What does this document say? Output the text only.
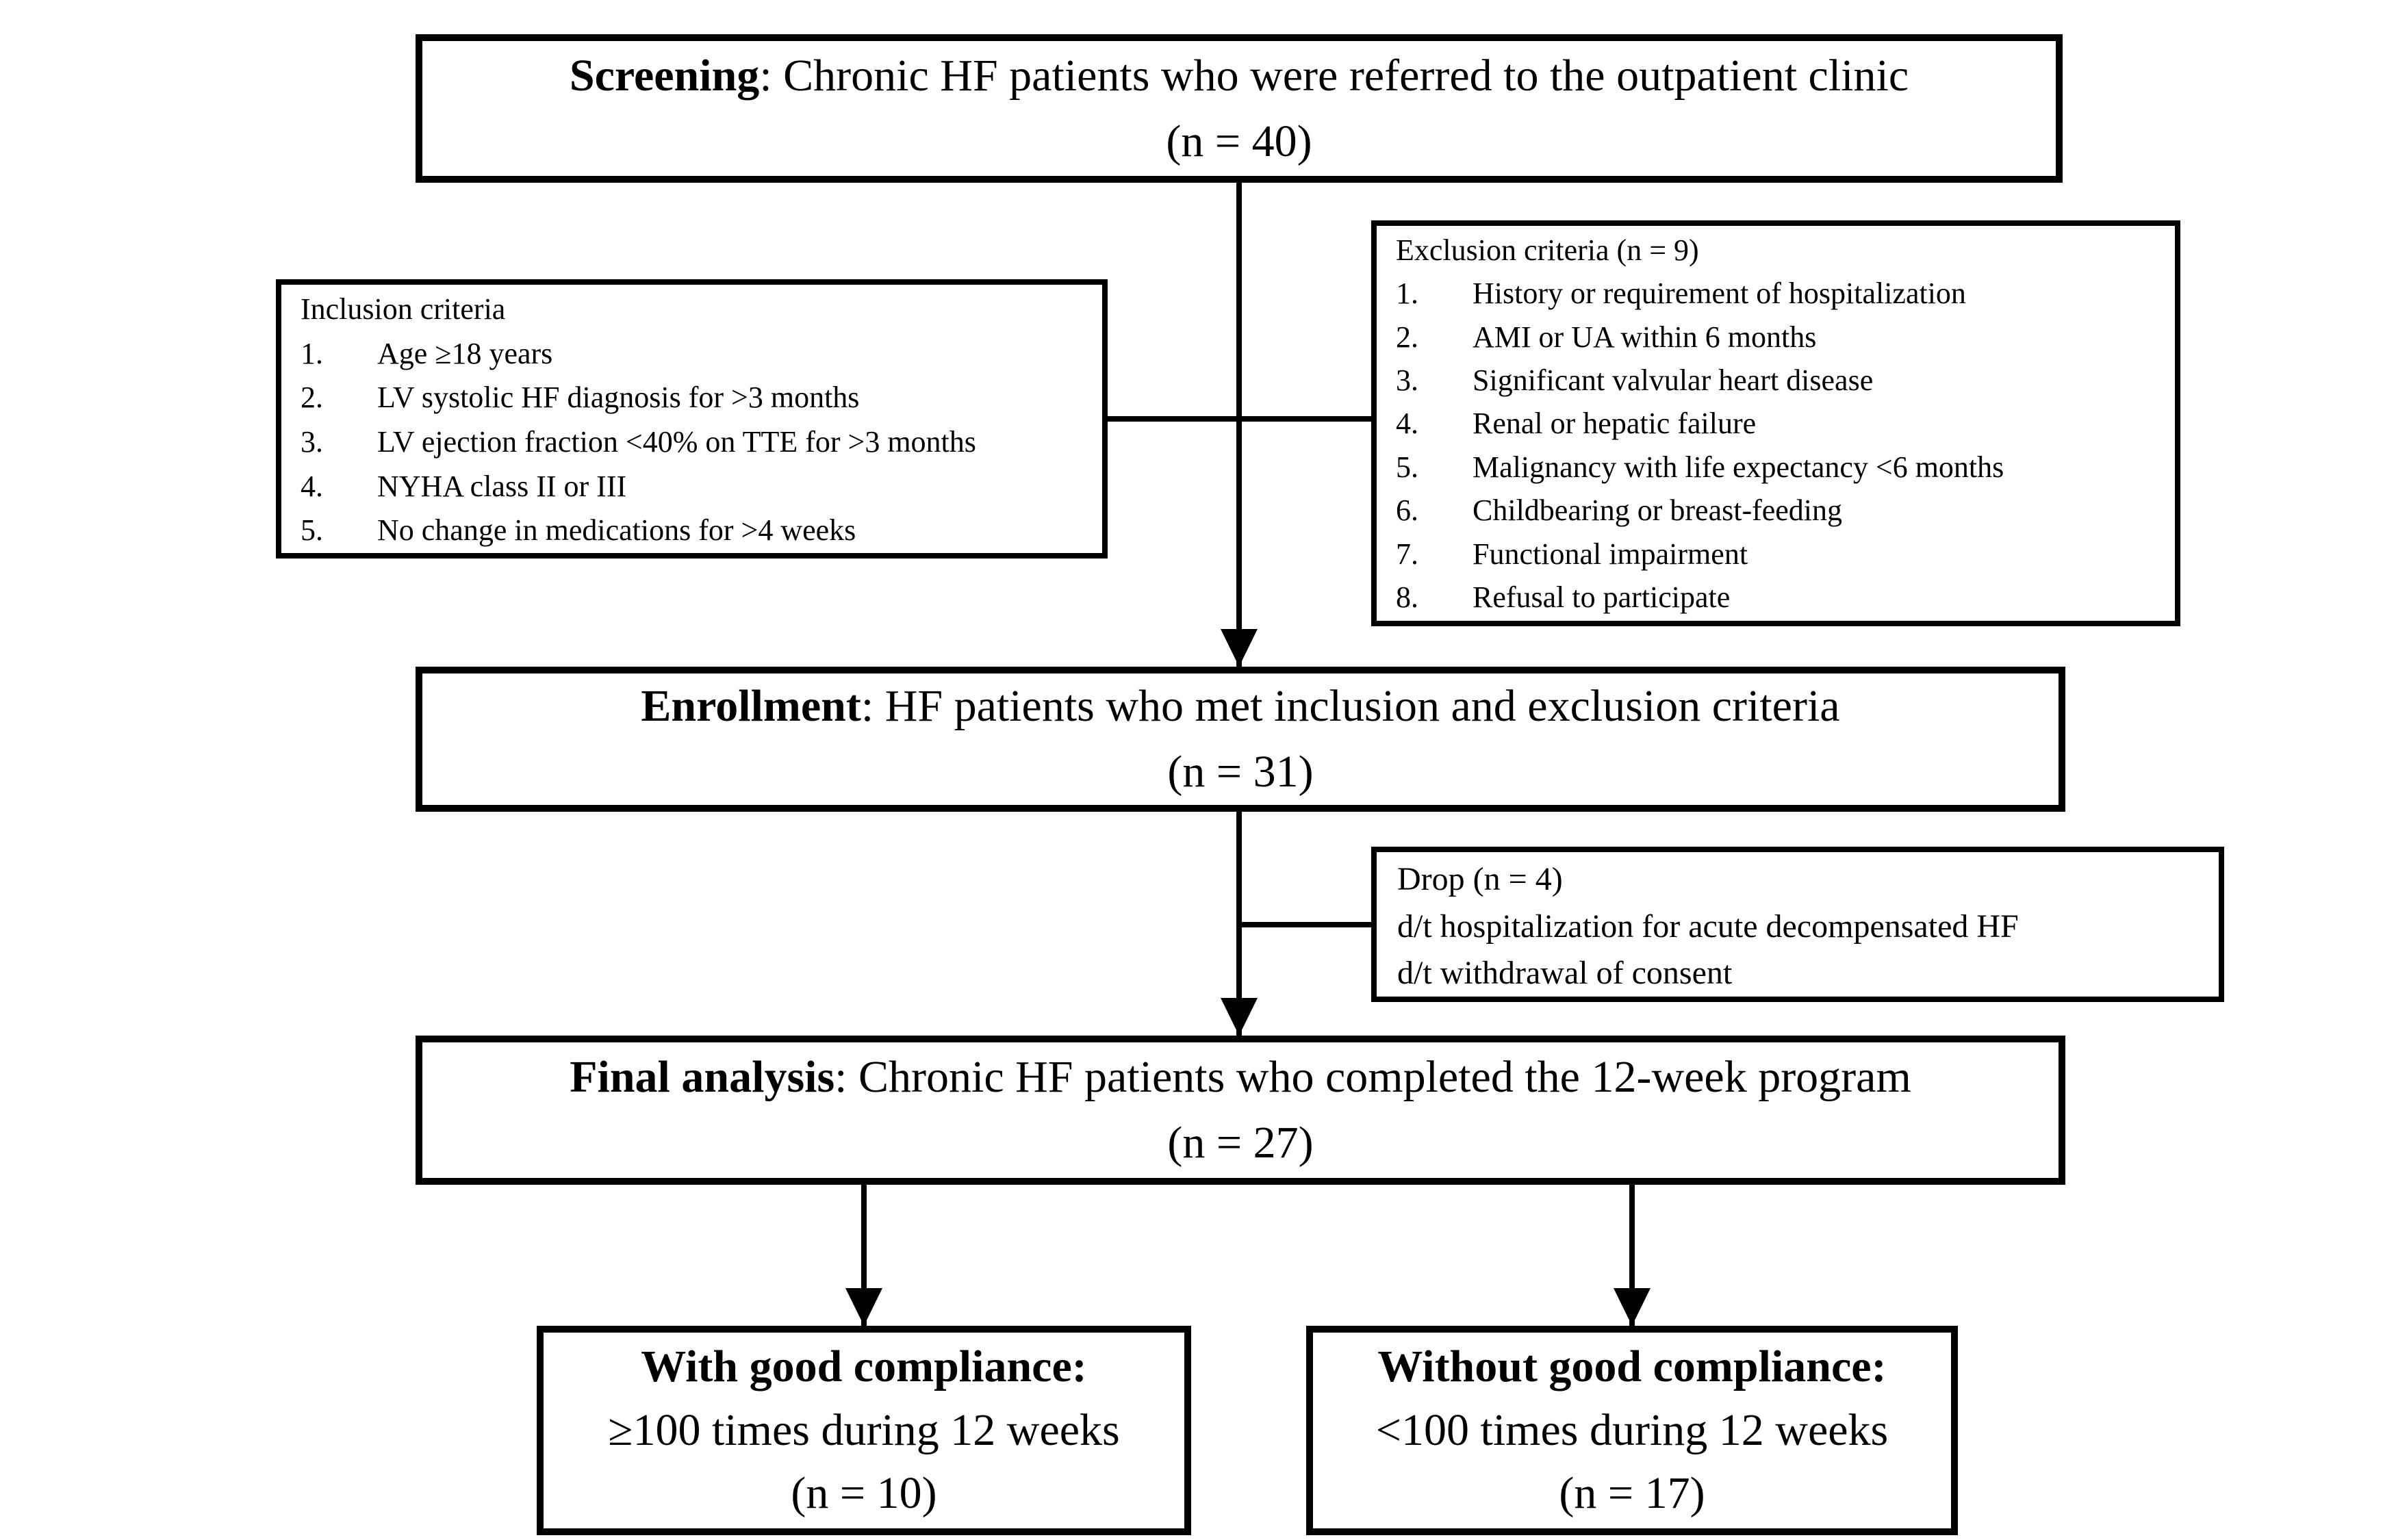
Screening: Chronic HF patients who were referred to the outpatient clinic
(n = 40)
Inclusion criteria
1.	Age ≥18 years
2.	LV systolic HF diagnosis for >3 months
3.	LV ejection fraction <40% on TTE for >3 months
4.	NYHA class II or III
5.	No change in medications for >4 weeks
Exclusion criteria (n = 9)
1.	History or requirement of hospitalization
2.	AMI or UA within 6 months
3.	Significant valvular heart disease
4.	Renal or hepatic failure
5.	Malignancy with life expectancy <6 months
6.	Childbearing or breast-feeding
7.	Functional impairment
8.	Refusal to participate
Enrollment: HF patients who met inclusion and exclusion criteria
(n = 31)
Drop (n = 4)
d/t hospitalization for acute decompensated HF
d/t withdrawal of consent
Final analysis: Chronic HF patients who completed the 12-week program
(n = 27)
With good compliance:
≥100 times during 12 weeks
(n = 10)
Without good compliance:
<100 times during 12 weeks
(n = 17)
